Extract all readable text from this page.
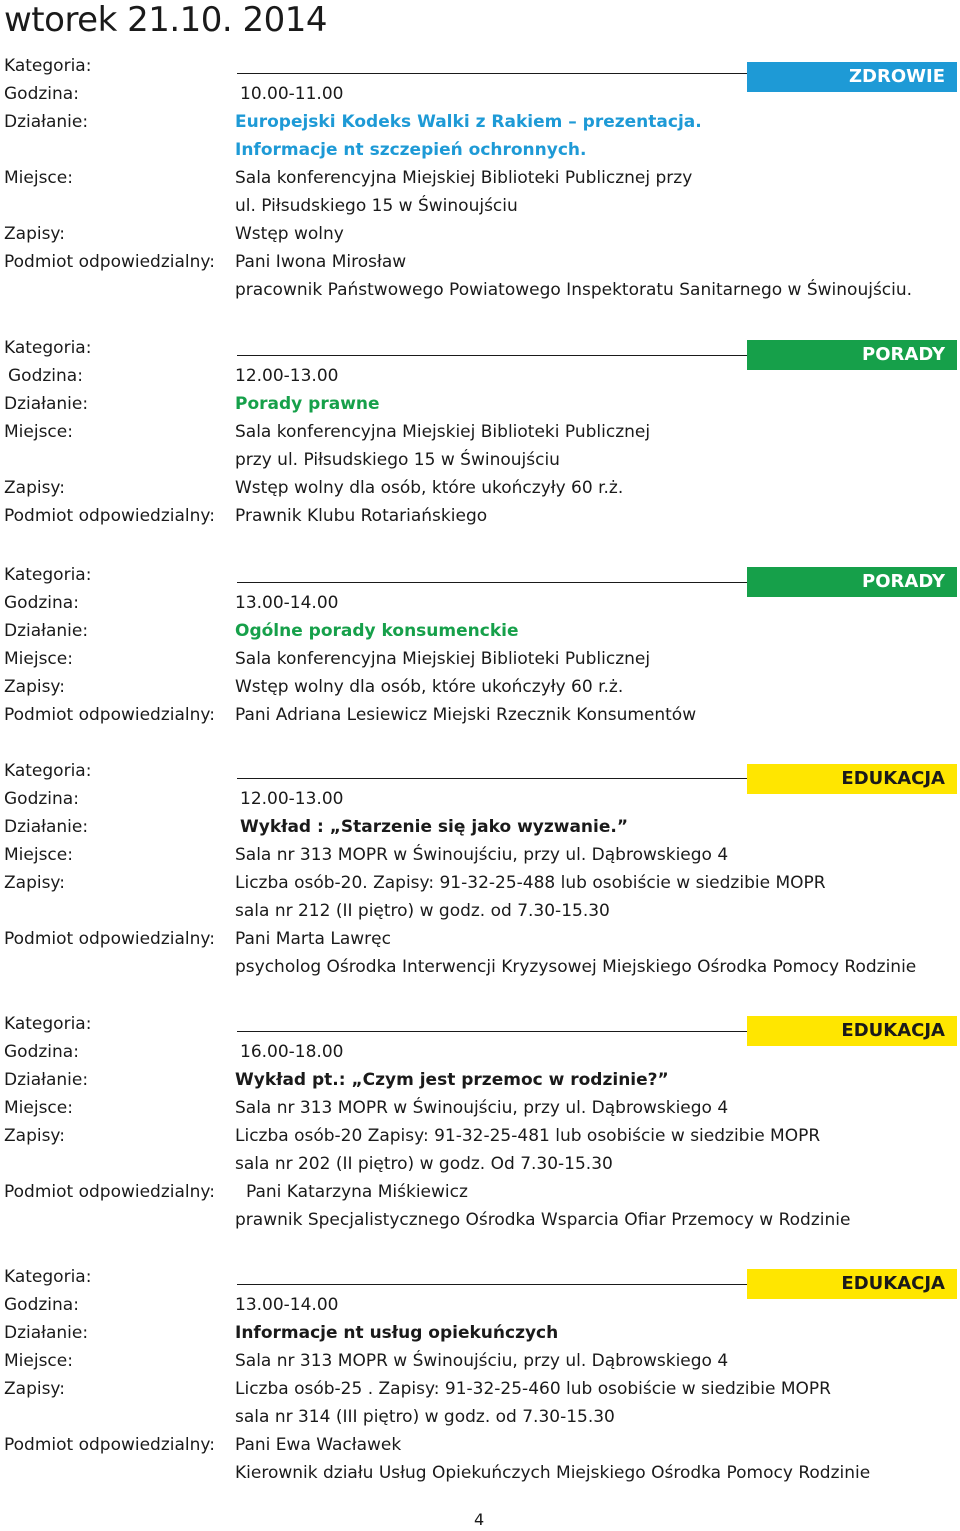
wtorek 21.10. 2014
Kategoria:	ZDROWIE
Godzina:	10.00-11.00
Działanie:	Europejski Kodeks Walki z Rakiem – prezentacja.
Informacje nt szczepień ochronnych.
Miejsce:	Sala konferencyjna Miejskiej Biblioteki Publicznej przy
ul. Piłsudskiego 15 w Świnoujściu
Zapisy:	Wstęp wolny
Podmiot odpowiedzialny: Pani Iwona Mirosław
pracownik Państwowego Powiatowego Inspektoratu Sanitarnego w Świnoujściu.
Kategoria:	PORADY
Godzina:	12.00-13.00
Działanie:	Porady prawne
Miejsce:	Sala konferencyjna Miejskiej Biblioteki Publicznej
przy ul. Piłsudskiego 15 w Świnoujściu
Zapisy:	Wstęp wolny dla osób, które ukończyły 60 r.ż.
Podmiot odpowiedzialny: Prawnik Klubu Rotariańskiego
Kategoria:	PORADY
Godzina:	13.00-14.00
Działanie:	Ogólne porady konsumenckie
Miejsce:	Sala konferencyjna Miejskiej Biblioteki Publicznej
Zapisy:	Wstęp wolny dla osób, które ukończyły 60 r.ż.
Podmiot odpowiedzialny: Pani Adriana Lesiewicz Miejski Rzecznik Konsumentów
Kategoria:	EDUKACJA
Godzina:	12.00-13.00
Działanie:	Wykład : „Starzenie się jako wyzwanie.”
Miejsce:	Sala nr 313 MOPR w Świnoujściu, przy ul. Dąbrowskiego 4
Zapisy:	Liczba osób-20. Zapisy: 91-32-25-488 lub osobiście w siedzibie MOPR
sala nr 212 (II piętro) w godz. od 7.30-15.30
Podmiot odpowiedzialny: Pani Marta Lawręc
psycholog Ośrodka Interwencji Kryzysowej Miejskiego Ośrodka Pomocy Rodzinie
Kategoria:	EDUKACJA
Godzina:	16.00-18.00
Działanie:	Wykład pt.: „Czym jest przemoc w rodzinie?”
Miejsce:	Sala nr 313 MOPR w Świnoujściu, przy ul. Dąbrowskiego 4
Zapisy:	Liczba osób-20 Zapisy: 91-32-25-481 lub osobiście w siedzibie MOPR
sala nr 202 (II piętro) w godz. Od 7.30-15.30
Podmiot odpowiedzialny: Pani Katarzyna Miśkiewicz
prawnik Specjalistycznego Ośrodka Wsparcia Ofiar Przemocy w Rodzinie
Kategoria:	EDUKACJA
Godzina:	13.00-14.00
Działanie:	Informacje nt usług opiekuńczych
Miejsce:	Sala nr 313 MOPR w Świnoujściu, przy ul. Dąbrowskiego 4
Zapisy:	Liczba osób-25 . Zapisy: 91-32-25-460 lub osobiście w siedzibie MOPR
sala nr 314 (III piętro) w godz. od 7.30-15.30
Podmiot odpowiedzialny: Pani Ewa Wacławek
Kierownik działu Usług Opiekuńczych Miejskiego Ośrodka Pomocy Rodzinie
4
